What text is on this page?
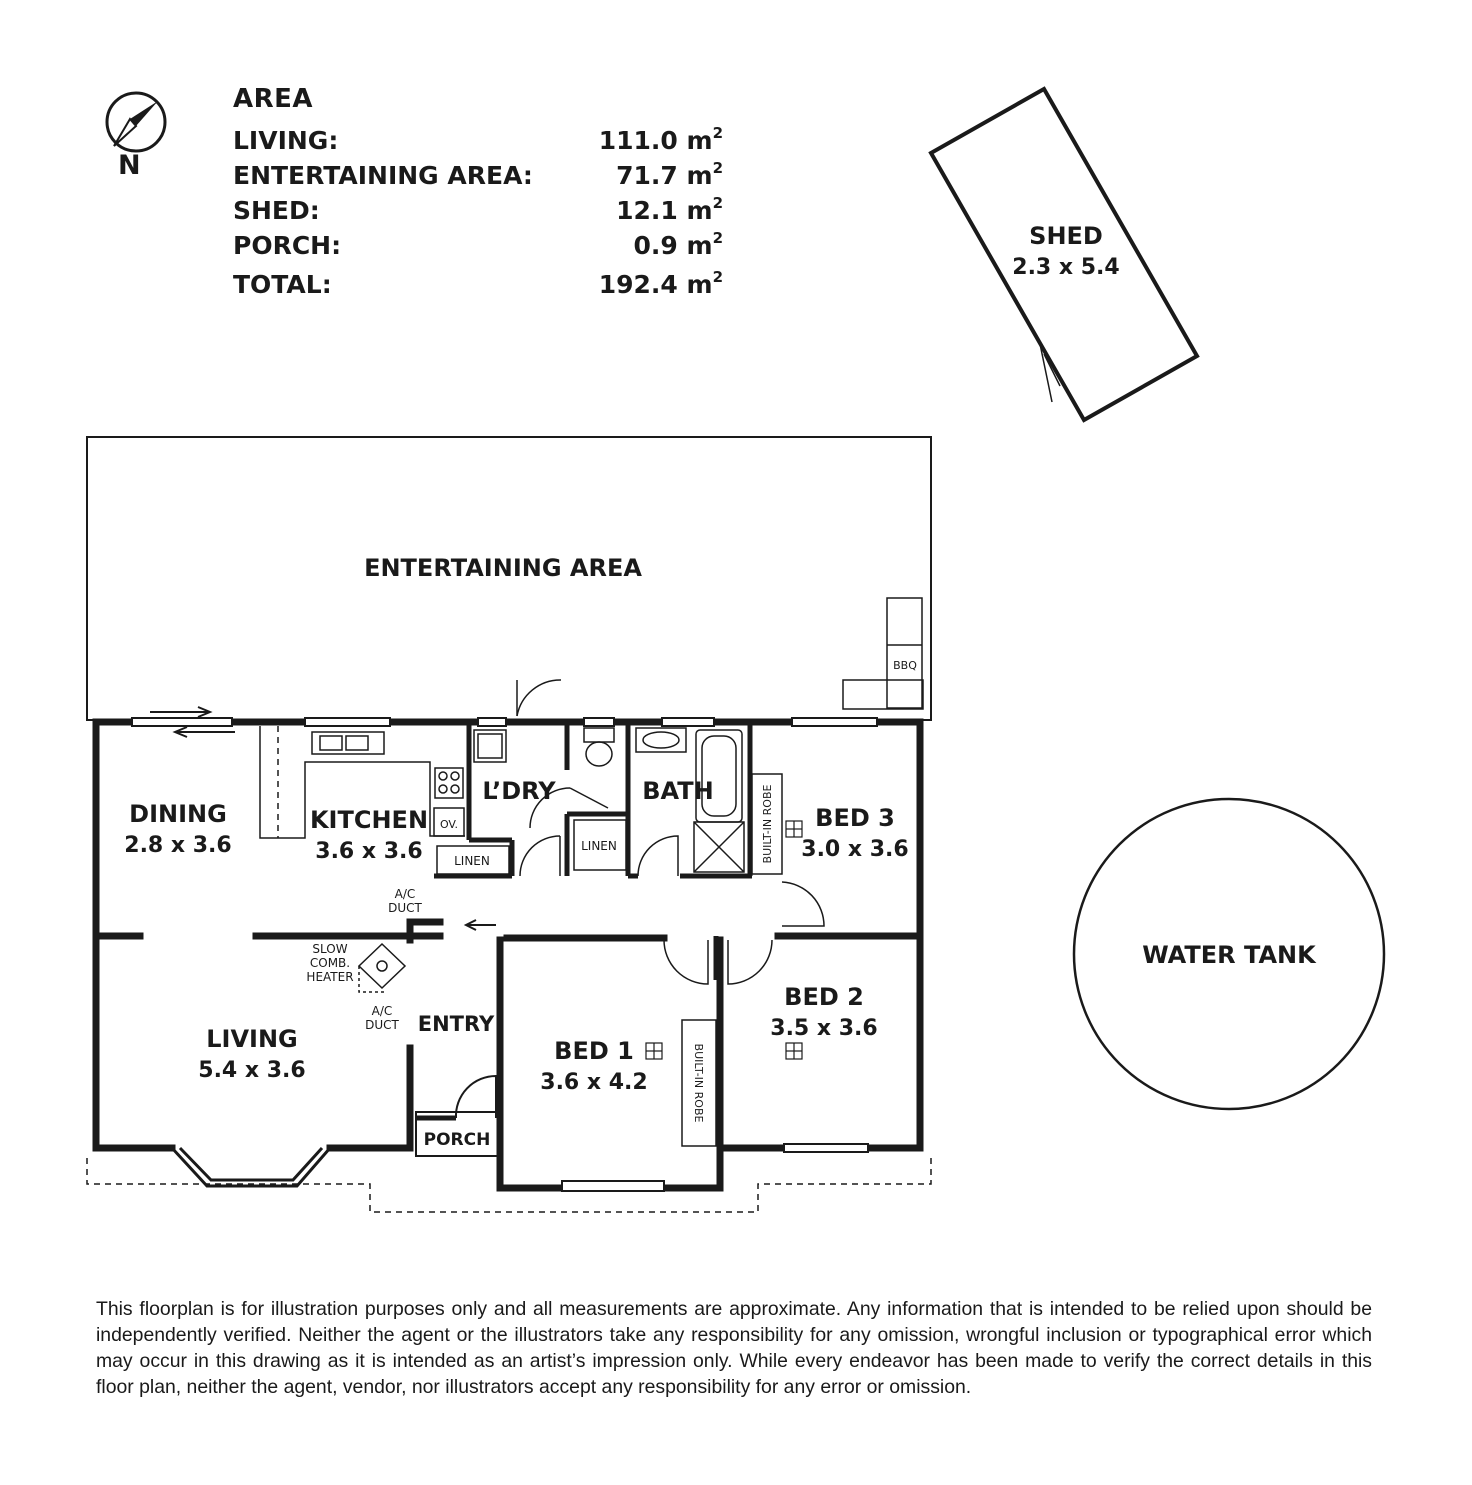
N
AREA
LIVING:	111.0 $m^2$
ENTERTAINING AREA:	71.7 $m^2$
SHED:	12.1 $m^2$
PORCH:	0.9 $m^2$
TOTAL:	192.4 $m^2$
ENTERTAINING AREA
SHED
2.3 x 5.4
WATER TANK
DINING
2.8 x 3.6
KITCHEN
3.6 x 3.6
L’DRY	BATH
BED 3
3.0 x 3.6
BED 2
3.5 x 3.6
BED 1
3.6 x 4.2
LIVING
5.4 x 3.6
ENTRY
PORCH
BBQ
OV.
LINEN
LINEN
A/C
DUCT
A/C
DUCT
SLOW
COMB.
HEATER
BUILT-IN ROBE
BUILT-IN ROBE
This floorplan is for illustration purposes only and all measurements are approximate. Any information that is intended to be relied upon should be independently verified. Neither the agent or the illustrators take any responsibility for any omission, wrongful inclusion or typographical error which may occur in this drawing as it is intended as an artist’s impression only. While every endeavor has been made to verify the correct details in this floor plan, neither the agent, vendor, nor illustrators accept any responsibility for any error or omission.
